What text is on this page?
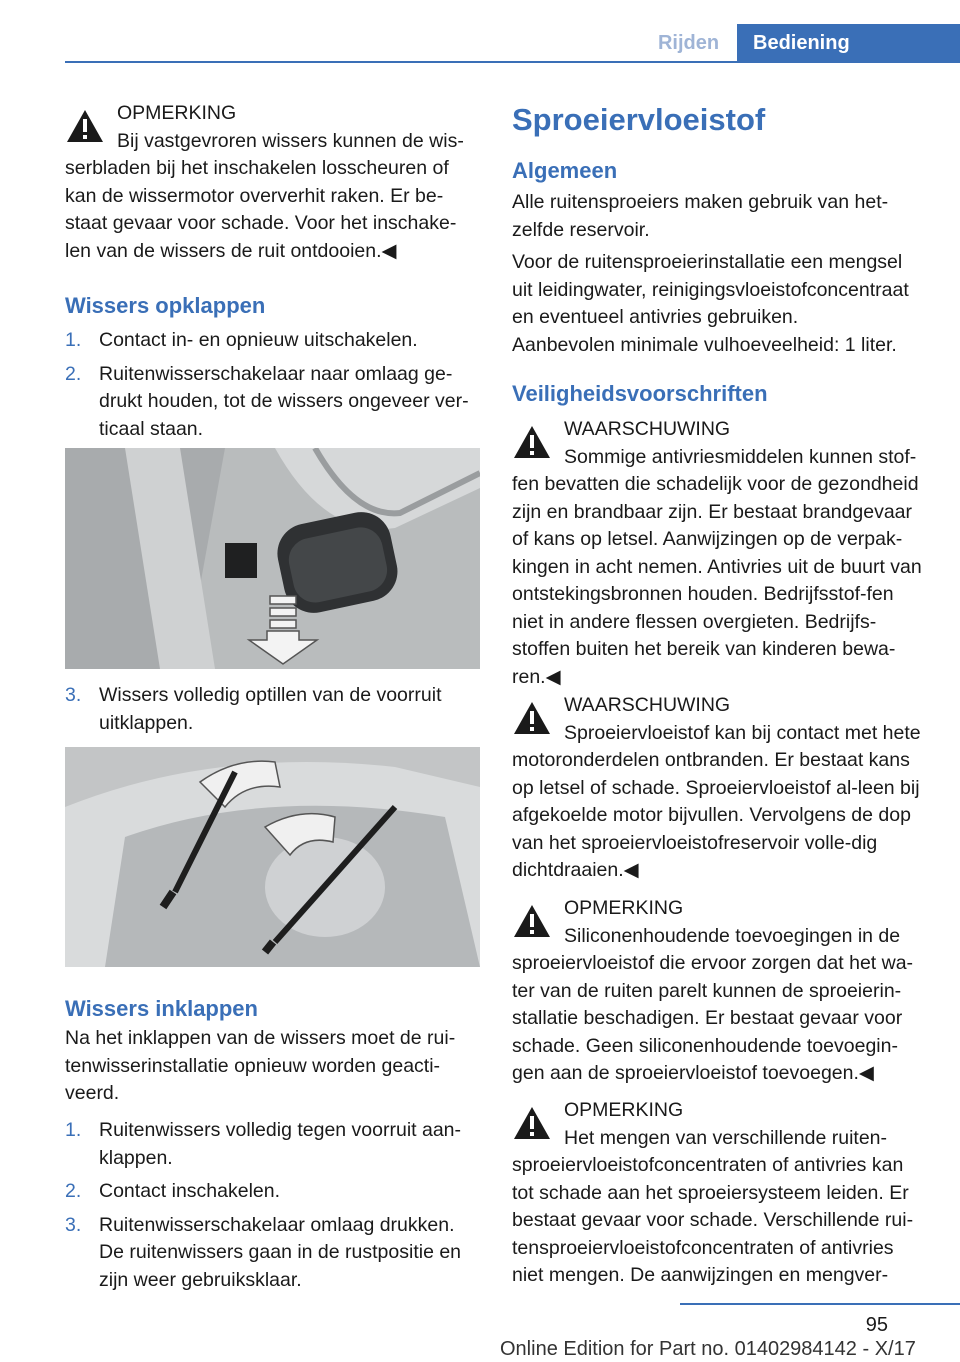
Rijden	Bediening
OPMERKING

Bij vastgevroren wissers kunnen de wis-serbladen bij het inschakelen losscheuren of kan de wissermotor oververhit raken. Er be-staat gevaar voor schade. Voor het inschake-len van de wissers de ruit ontdooien.◀

Wissers opklappen
1. Contact in- en opnieuw uitschakelen.
2. Ruitenwisserschakelaar naar omlaag ge-drukt houden, tot de wissers ongeveer ver-ticaal staan.
3. Wissers volledig optillen van de voorruit uitklappen.
Wissers inklappen

Na het inklappen van de wissers moet de rui-tenwisserinstallatie opnieuw worden geacti-veerd.

1. Ruitenwissers volledig tegen voorruit aan-klappen.
2. Contact inschakelen.
3. Ruitenwisserschakelaar omlaag drukken. De ruitenwissers gaan in de rustpositie en zijn weer gebruiksklaar.
Sproeiervloeistof
Algemeen

Alle ruitensproeiers maken gebruik van het-zelfde reservoir.

Voor de ruitensproeierinstallatie een mengsel uit leidingwater, reinigingsvloeistofconcentraat en eventueel antivries gebruiken.

Aanbevolen minimale vulhoeveelheid: 1 liter.

Veiligheidsvoorschriften
WAARSCHUWING

Sommige antivriesmiddelen kunnen stof-fen bevatten die schadelijk voor de gezondheid zijn en brandbaar zijn. Er bestaat brandgevaar of kans op letsel. Aanwijzingen op de verpak-kingen in acht nemen. Antivries uit de buurt van ontstekingsbronnen houden. Bedrijfsstof-fen niet in andere flessen overgieten. Bedrijfs-stoffen buiten het bereik van kinderen bewa-ren.◀

WAARSCHUWING

Sproeiervloeistof kan bij contact met hete motoronderdelen ontbranden. Er bestaat kans op letsel of schade. Sproeiervloeistof al-leen bij afgekoelde motor bijvullen. Vervolgens de dop van het sproeiervloeistofreservoir volle-dig dichtdraaien.◀

OPMERKING

Siliconenhoudende toevoegingen in de sproeiervloeistof die ervoor zorgen dat het wa-ter van de ruiten parelt kunnen de sproeierin-stallatie beschadigen. Er bestaat gevaar voor schade. Geen siliconenhoudende toevoegin-gen aan de sproeiervloeistof toevoegen.◀

OPMERKING

Het mengen van verschillende ruiten-sproeiervloeistofconcentraten of antivries kan tot schade aan het sproeiersysteem leiden. Er bestaat gevaar voor schade. Verschillende rui-tensproeiervloeistofconcentraten of antivries niet mengen. De aanwijzingen en mengver-

95
Online Edition for Part no. 01402984142 - X/17
